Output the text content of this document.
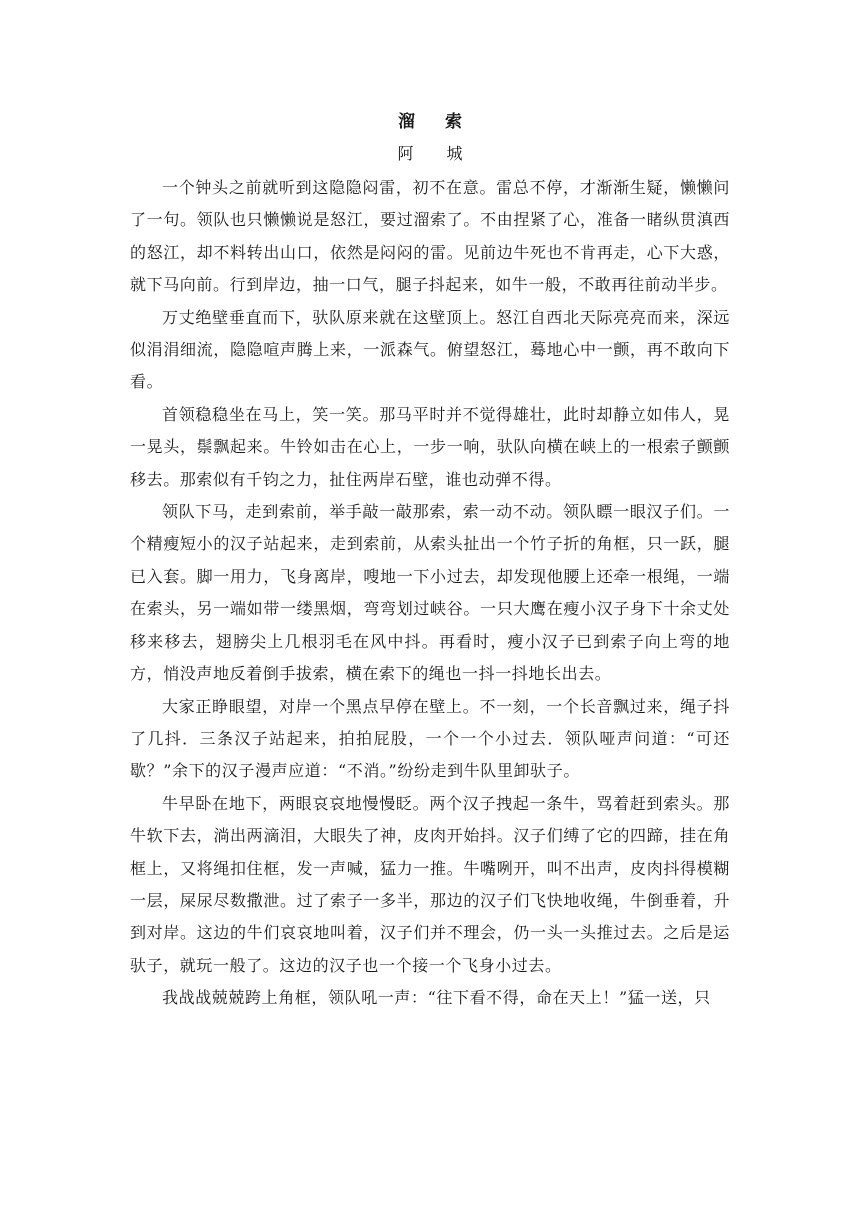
溜 索
阿 城

一个钟头之前就听到这隐隐闷雷，初不在意。雷总不停，才渐渐生疑，懒懒问了一句。领队也只懒懒说是怒江，要过溜索了。不由捏紧了心，准备一睹纵贯滇西的怒江，却不料转出山口，依然是闷闷的雷。见前边牛死也不肯再走，心下大惑，就下马向前。行到岸边，抽一口气，腿子抖起来，如牛一般，不敢再往前动半步。

万丈绝壁垂直而下，驮队原来就在这壁顶上。怒江自西北天际亮亮而来，深远似涓涓细流，隐隐喧声腾上来，一派森气。俯望怒江，蓦地心中一颤，再不敢向下看。

首领稳稳坐在马上，笑一笑。那马平时并不觉得雄壮，此时却静立如伟人，晃一晃头，鬃飘起来。牛铃如击在心上，一步一响，驮队向横在峡上的一根索子颤颤移去。那索似有千钧之力，扯住两岸石壁，谁也动弹不得。

领队下马，走到索前，举手敲一敲那索，索一动不动。领队瞟一眼汉子们。一个精瘦短小的汉子站起来，走到索前，从索头扯出一个竹子折的角框，只一跃，腿已入套。脚一用力，飞身离岸，嗖地一下小过去，却发现他腰上还牵一根绳，一端在索头，另一端如带一缕黑烟，弯弯划过峡谷。一只大鹰在瘦小汉子身下十余丈处移来移去，翅膀尖上几根羽毛在风中抖。再看时，瘦小汉子已到索子向上弯的地方，悄没声地反着倒手拔索，横在索下的绳也一抖一抖地长出去。

大家正睁眼望，对岸一个黑点早停在壁上。不一刻，一个长音飘过来，绳子抖了几抖．三条汉子站起来，拍拍屁股，一个一个小过去．领队哑声问道：“可还歇？”余下的汉子漫声应道：“不消。”纷纷走到牛队里卸驮子。

牛早卧在地下，两眼哀哀地慢慢眨。两个汉子拽起一条牛，骂着赶到索头。那牛软下去，淌出两滴泪，大眼失了神，皮肉开始抖。汉子们缚了它的四蹄，挂在角框上，又将绳扣住框，发一声喊，猛力一推。牛嘴咧开，叫不出声，皮肉抖得模糊一层，屎尿尽数撒泄。过了索子一多半，那边的汉子们飞快地收绳，牛倒垂着，升到对岸。这边的牛们哀哀地叫着，汉子们并不理会，仍一头一头推过去。之后是运驮子，就玩一般了。这边的汉子也一个接一个飞身小过去。

我战战兢兢跨上角框，领队吼一声：“往下看不得，命在天上！”猛一送，只
